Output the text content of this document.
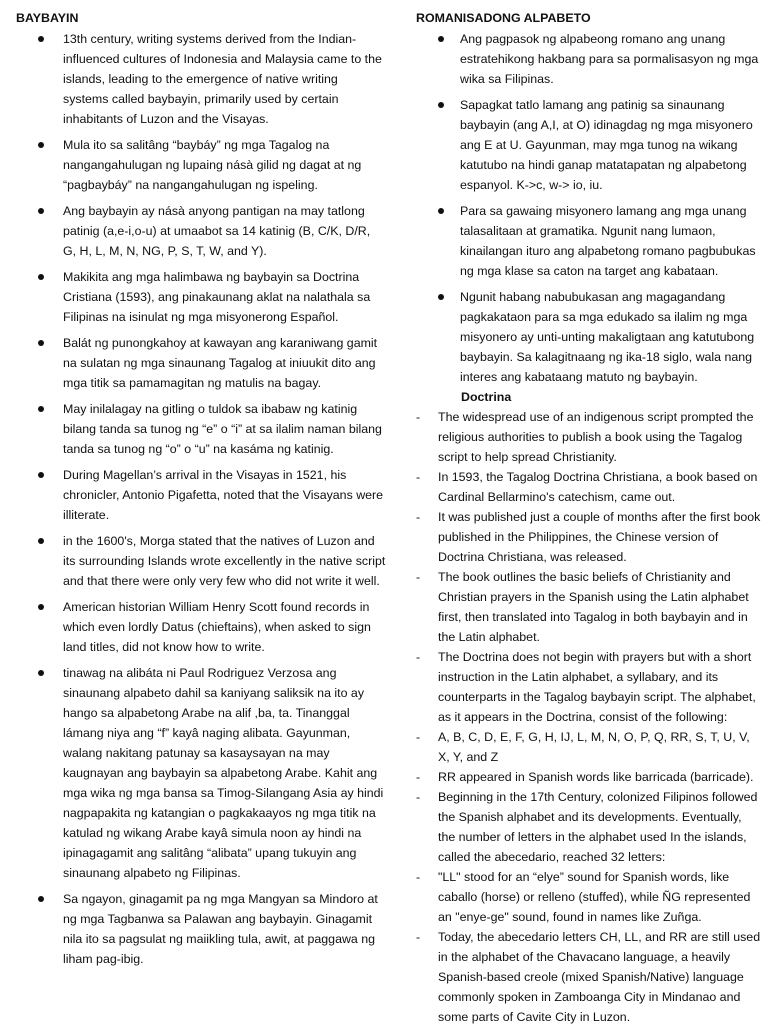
BAYBAYIN
13th century, writing systems derived from the Indian-influenced cultures of Indonesia and Malaysia came to the islands, leading to the emergence of native writing systems called baybayin, primarily used by certain inhabitants of Luzon and the Visayas.
Mula ito sa salitâng “baybáy” ng mga Tagalog na nangangahulugan ng lupaing násà gilid ng dagat at ng “pagbaybáy” na nangangahulugan ng ispeling.
Ang baybayin ay násà anyong pantigan na may tatlong patinig (a,e-i,o-u) at umaabot sa 14 katinig (B, C/K, D/R, G, H, L, M, N, NG, P, S, T, W, and Y).
Makikita ang mga halimbawa ng baybayin sa Doctrina Cristiana (1593), ang pinakaunang aklat na nalathala sa Filipinas na isinulat ng mga misyonerong Español.
Balát ng punongkahoy at kawayan ang karaniwang gamit na sulatan ng mga sinaunang Tagalog at iniuukit dito ang mga titik sa pamamagitan ng matulis na bagay.
May inilalagay na gitling o tuldok sa ibabaw ng katinig bilang tanda sa tunog ng “e” o “i” at sa ilalim naman bilang tanda sa tunog ng “o” o “u” na kasáma ng katinig.
During Magellan’s arrival in the Visayas in 1521, his chronicler, Antonio Pigafetta, noted that the Visayans were illiterate.
in the 1600's, Morga stated that the natives of Luzon and its surrounding Islands wrote excellently in the native script and that there were only very few who did not write it well.
American historian William Henry Scott found records in which even lordly Datus (chieftains), when asked to sign land titles, did not know how to write.
tinawag na alibáta ni Paul Rodriguez Verzosa ang sinaunang alpabeto dahil sa kaniyang saliksik na ito ay hango sa alpabetong Arabe na alif ,ba, ta. Tinanggal lámang niya ang “f” kayâ naging alibata. Gayunman, walang nakitang patunay sa kasaysayan na may kaugnayan ang baybayin sa alpabetong Arabe. Kahit ang mga wika ng mga bansa sa Timog-Silangang Asia ay hindi nagpapakita ng katangian o pagkakaayos ng mga titik na katulad ng wikang Arabe kayâ simula noon ay hindi na ipinagagamit ang salitâng “alibata” upang tukuyin ang sinaunang alpabeto ng Filipinas.
Sa ngayon, ginagamit pa ng mga Mangyan sa Mindoro at ng mga Tagbanwa sa Palawan ang baybayin. Ginagamit nila ito sa pagsulat ng maiikling tula, awit, at paggawa ng liham pag-ibig.
ROMANISADONG ALPABETO
Ang pagpasok ng alpabeong romano ang unang estratehikong hakbang para sa pormalisasyon ng mga wika sa Filipinas.
Sapagkat tatlo lamang ang patinig sa sinaunang baybayin (ang A,I, at O) idinagdag ng mga misyonero ang E at U. Gayunman, may mga tunog na wikang katutubo na hindi ganap matatapatan ng alpabetong espanyol. K->c, w-> io, iu.
Para sa gawaing misyonero lamang ang mga unang talasalitaan at gramatika. Ngunit nang lumaon, kinailangan ituro ang alpabetong romano pagbubukas ng mga klase sa caton na target ang kabataan.
Ngunit habang nabubukasan ang magagandang pagkakataon para sa mga edukado sa ilalim ng mga misyonero ay unti-unting makaligtaan ang katutubong baybayin. Sa kalagitnaang ng ika-18 siglo, wala nang interes ang kabataang matuto ng baybayin.
Doctrina
- The widespread use of an indigenous script prompted the religious authorities to publish a book using the Tagalog script to help spread Christianity.
- In 1593, the Tagalog Doctrina Christiana, a book based on Cardinal Bellarmino's catechism, came out.
- It was published just a couple of months after the first book published in the Philippines, the Chinese version of Doctrina Christiana, was released.
- The book outlines the basic beliefs of Christianity and Christian prayers in the Spanish using the Latin alphabet first, then translated into Tagalog in both baybayin and in the Latin alphabet.
- The Doctrina does not begin with prayers but with a short instruction in the Latin alphabet, a syllabary, and its counterparts in the Tagalog baybayin script. The alphabet, as it appears in the Doctrina, consist of the following:
- A, B, C, D, E, F, G, H, IJ, L, M, N, O, P, Q, RR, S, T, U, V, X, Y, and Z
- RR appeared in Spanish words like barricada (barricade).
- Beginning in the 17th Century, colonized Filipinos followed the Spanish alphabet and its developments. Eventually, the number of letters in the alphabet used In the islands, called the abecedario, reached 32 letters:
- "LL" stood for an “elye” sound for Spanish words, like caballo (horse) or relleno (stuffed), while ÑG represented an "enye-ge" sound, found in names like Zuñga.
- Today, the abecedario letters CH, LL, and RR are still used in the alphabet of the Chavacano language, a heavily Spanish-based creole (mixed Spanish/Native) language commonly spoken in Zamboanga City in Mindanao and some parts of Cavite City in Luzon.
